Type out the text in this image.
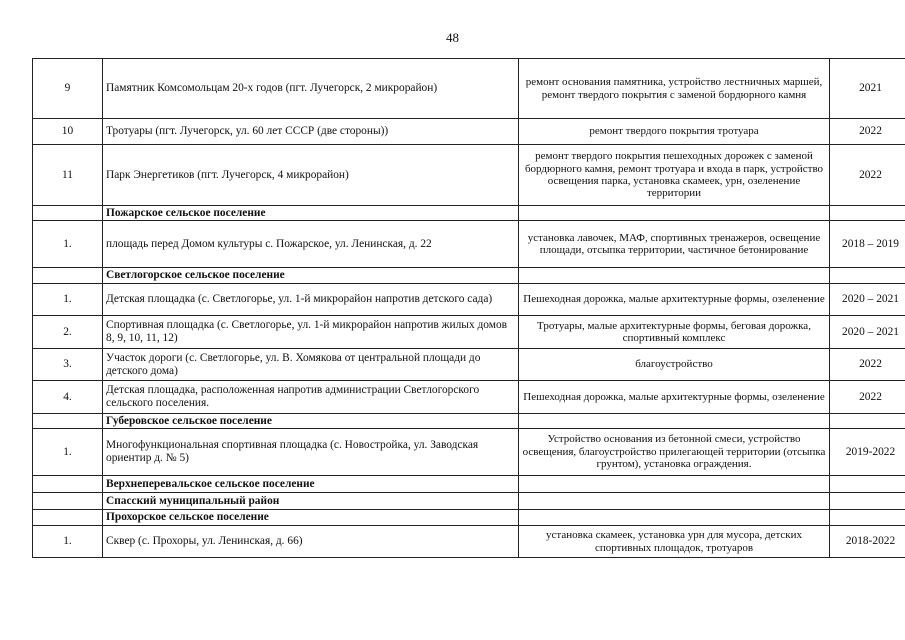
48
9	Памятник Комсомольцам 20-х годов (пгт. Лучегорск, 2 микрорайон)	ремонт основания памятника, устройство лестничных маршей, ремонт твердого покрытия с заменой бордюрного камня	2021
10	Тротуары (пгт. Лучегорск, ул. 60 лет СССР (две стороны))	ремонт твердого покрытия тротуара	2022
11	Парк Энергетиков (пгт. Лучегорск, 4 микрорайон)	ремонт твердого покрытия пешеходных дорожек с заменой бордюрного камня, ремонт тротуара и входа в парк, устройство освещения парка, установка скамеек, урн, озеленение территории	2022
	Пожарское сельское поселение		
1.	площадь перед Домом культуры с. Пожарское, ул. Ленинская, д. 22	установка лавочек, МАФ, спортивных тренажеров, освещение площади, отсыпка территории, частичное бетонирование	2018 – 2019
	Светлогорское сельское поселение		
1.	Детская площадка (с. Светлогорье, ул. 1-й микрорайон напротив детского сада)	Пешеходная дорожка, малые архитектурные формы, озеленение	2020 – 2021
2.	Спортивная площадка (с. Светлогорье, ул. 1-й микрорайон напротив жилых домов 8, 9, 10, 11, 12)	Тротуары, малые архитектурные формы, беговая дорожка, спортивный комплекс	2020 – 2021
3.	Участок дороги (с. Светлогорье, ул. В. Хомякова от центральной площади до детского дома)	благоустройство	2022
4.	Детская площадка, расположенная напротив администрации Светлогорского сельского поселения.	Пешеходная дорожка, малые архитектурные формы, озеленение	2022
	Губеровское сельское поселение		
1.	Многофункциональная спортивная площадка (с. Новостройка, ул. Заводская ориентир д. № 5)	Устройство основания из бетонной смеси, устройство освещения, благоустройство прилегающей территории (отсыпка грунтом), установка ограждения.	2019-2022
	Верхнеперевальское сельское поселение		
	Спасский муниципальный район		
	Прохорское сельское поселение		
1.	Сквер (с. Прохоры, ул. Ленинская, д. 66)	установка скамеек, установка урн для мусора, детских спортивных площадок, тротуаров	2018-2022
